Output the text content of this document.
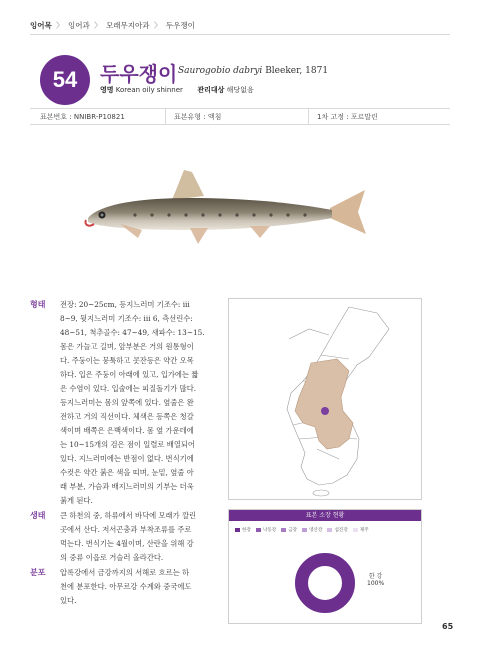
잉어목 〉 잉어과 〉 모래무지아과 〉 두우쟁이
54	두우쟁이 Saurogobio dabryi Bleeker, 1871
영명 Korean oily shinner 관리대상 해당없음
표본번호 : NNIBR-P10821	표본유형 : 액침	1차 고정 : 포르말린
형태 전장: 20~25cm, 등지느러미 기조수: iii
8~9, 뒷지느러미 기조수: iii 6, 측선린수:
48~51, 척추골수: 47~49, 새파수: 13~15.
몸은 가늘고 길며, 앞부분은 거의 원통형이
다. 주둥이는 뭉툭하고 콧잔등은 약간 오목
하다. 입은 주둥이 아래에 있고, 입가에는 짧
은 수염이 있다. 입술에는 피질돌기가 많다.
등지느러미는 몸의 앞쪽에 있다. 옆줄은 완
전하고 거의 직선이다. 체색은 등쪽은 청갈
색이며 배쪽은 은백색이다. 몸 옆 가운데에
는 10~15개의 검은 점이 일렬로 배열되어
있다. 지느러미에는 반점이 없다. 번식기에
수컷은 약간 붉은 색을 띠며, 눈밑, 옆줄 아
래 부분, 가슴과 배지느러미의 기부는 더욱
붉게 된다.
생태 큰 하천의 중, 하류에서 바닥에 모래가 깔린
곳에서 산다. 저서곤충과 부착조류를 주로
먹는다. 번식기는 4월이며, 산란을 위해 강
의 중류 이읍로 거슬러 올라간다.
분포 압록강에서 금강까지의 서해로 흐르는 하
천에 분포한다. 아무르강 수계와 중국에도
있다.
표본 소장 현황
한강	낙동강	금강	영산강	섬진강	제주
한 강
100%
65
